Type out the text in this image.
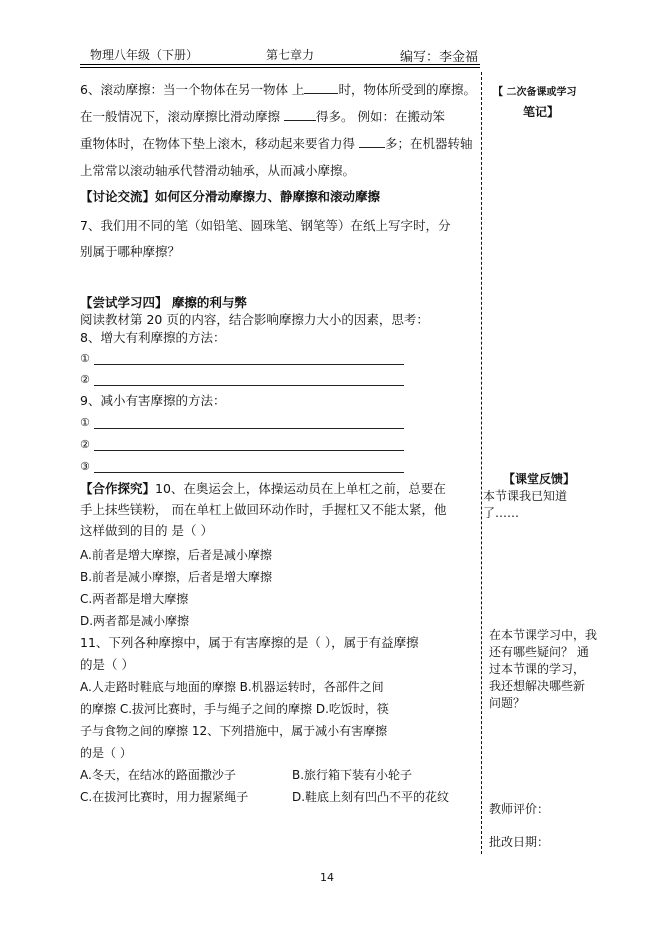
物理八年级（下册）	第七章力	编写：李金福
6、滚动摩擦：当一个物体在另一物体 上	时，物体所受到的摩擦。
在一般情况下，滚动摩擦比滑动摩擦	得多。 例如：在搬动笨
重物体时，在物体下垫上滚木，移动起来要省力得 多；在机器转轴
上常常以滚动轴承代替滑动轴承，从而减小摩擦。
【讨论交流】如何区分滑动摩擦力、静摩擦和滚动摩擦
7、我们用不同的笔（如铅笔、圆珠笔、钢笔等）在纸上写字时，分
别属于哪种摩擦？
【尝试学习四】 摩擦的利与弊
阅读教材第 20 页的内容，结合影响摩擦力大小的因素，思考：
8、增大有利摩擦的方法：
①
②
9、减小有害摩擦的方法：
①
②
③
【合作探究】10、在奥运会上，体操运动员在上单杠之前，总要在
手上抹些镁粉， 而在单杠上做回环动作时，手握杠又不能太紧，他
这样做到的目的 是（ ）
A.前者是增大摩擦，后者是减小摩擦
B.前者是减小摩擦，后者是增大摩擦
C.两者都是增大摩擦
D.两者都是减小摩擦
11、下列各种摩擦中，属于有害摩擦的是（ ），属于有益摩擦
的是（ ）
A.人走路时鞋底与地面的摩擦 B.机器运转时，各部件之间
的摩擦 C.拔河比赛时，手与绳子之间的摩擦 D.吃饭时，筷
子与食物之间的摩擦 12、下列措施中，属于减小有害摩擦
的是（ ）
A.冬天，在结冰的路面撒沙子	B.旅行箱下装有小轮子
C.在拔河比赛时，用力握紧绳子	D.鞋底上刻有凹凸不平的花纹
【 二次备课或学习
笔记】
【课堂反馈】
本节课我已知道
了……
在本节课学习中，我
还有哪些疑问？ 通
过本节课的学习，
我还想解决哪些新
问题？
教师评价：
批改日期：
14
